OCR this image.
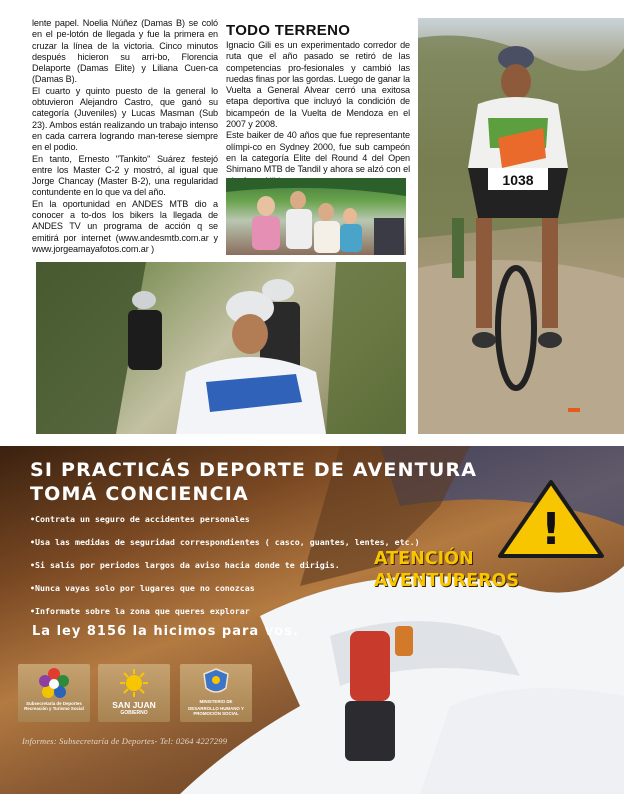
lente papel. Noelia Núñez (Damas B) se coló en el pe-lotón de llegada y fue la primera en cruzar la línea de la victoria. Cinco minutos después hicieron su arri-bo, Florencia Delaporte (Damas Elite) y Liliana Cuen-ca (Damas B).

El cuarto y quinto puesto de la general lo obtuvieron Alejandro Castro, que ganó su categoría (Juveniles) y Lucas Masman (Sub 23). Ambos están realizando un trabajo intenso en cada carrera logrando man-terese siempre en el podio.

En tanto, Ernesto "Tankito" Suárez festejó entre los Master C-2 y mostró, al igual que Jorge Chancay (Master B-2), una regularidad contundente en lo que va del año.

En la oportunidad en ANDES MTB dio a conocer a to-dos los bikers la llegada de ANDES TV un programa de acción q se emitirá por internet (www.andesmtb.com.ar y www.jorgeamayafotos.com.ar )

TODO TERRENO

Ignacio Gili es un experimentado corredor de ruta que el año pasado se retiró de las competencias pro-fesionales y cambió las ruedas finas por las gordas. Luego de ganar la Vuelta a General Alvear cerró una exitosa etapa deportiva que incluyó la condición de bicampeón de la Vuelta de Mendoza en el 2007 y 2008.

Este baiker de 40 años que fue representante olímpi-co en Sydney 2000, fue sub campeón en la categoría Elite del Round 4 del Open Shimano MTB de Tandil y ahora se alzó con el

1038
SI PRACTICÁS DEPORTE DE AVENTURA
TOMÁ CONCIENCIA
•Contrata un seguro de accidentes personales
•Usa las medidas de seguridad correspondientes ( casco, guantes, lentes, etc.)
•Si salís por periodos largos da aviso hacia donde te dirigis.
•Nunca vayas solo por lugares que no conozcas
•Informate sobre la zona que queres explorar
La ley 8156 la hicimos para vos.
ATENCIÓN
AVENTUREROS
!
Subsecretaría de Deportes Recreación y Turismo Social	SAN JUAN
GOBIERNO
MINISTERIO DE
DESARROLLO HUMANO Y PROMOCIÓN SOCIAL
Informes: Subsecretaría de Deportes- Tel: 0264 4227299
